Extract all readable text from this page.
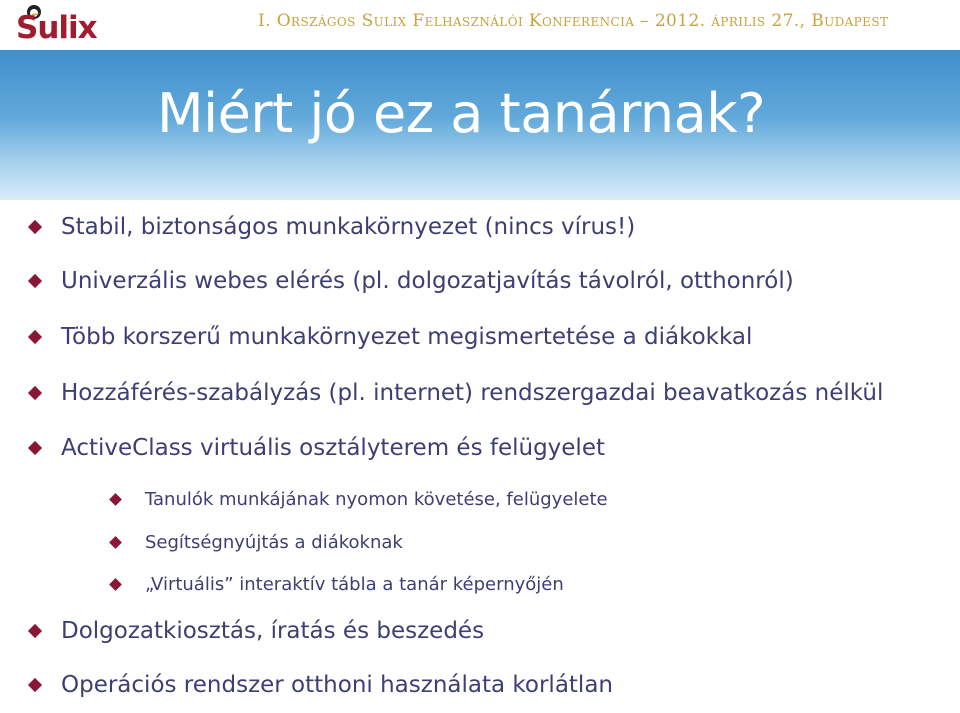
Sulix	I. Országos Sulix Felhasználói Konferencia – 2012. április 27., Budapest
Miért jó ez a tanárnak?
Stabil, biztonságos munkakörnyezet (nincs vírus!)
Univerzális webes elérés (pl. dolgozatjavítás távolról, otthonról)
Több korszerű munkakörnyezet megismertetése a diákokkal
Hozzáférés-szabályzás (pl. internet) rendszergazdai beavatkozás nélkül
ActiveClass virtuális osztályterem és felügyelet
Tanulók munkájának nyomon követése, felügyelete
Segítségnyújtás a diákoknak
„Virtuális” interaktív tábla a tanár képernyőjén
Dolgozatkiosztás, íratás és beszedés
Operációs rendszer otthoni használata korlátlan
